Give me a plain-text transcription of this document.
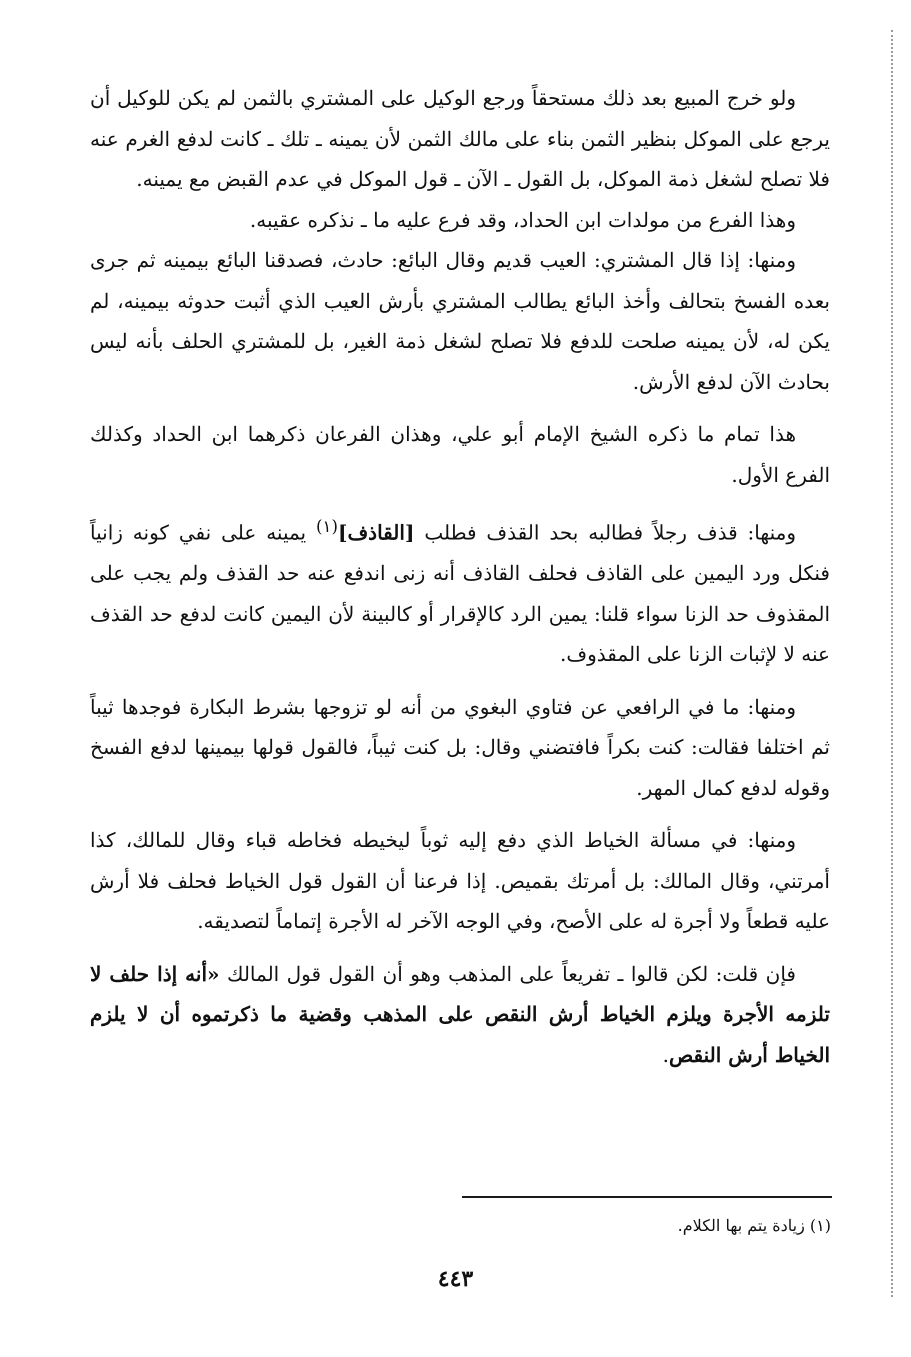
ولو خرج المبيع بعد ذلك مستحقاً ورجع الوكيل على المشتري بالثمن لم يكن للوكيل أن يرجع على الموكل بنظير الثمن بناء على مالك الثمن لأن يمينه ـ تلك ـ كانت لدفع الغرم عنه فلا تصلح لشغل ذمة الموكل، بل القول ـ الآن ـ قول الموكل في عدم القبض مع يمينه.

وهذا الفرع من مولدات ابن الحداد، وقد فرع عليه ما ـ نذكره عقيبه.

ومنها: إذا قال المشتري: العيب قديم وقال البائع: حادث، فصدقنا البائع بيمينه ثم جرى بعده الفسخ بتحالف وأخذ البائع يطالب المشتري بأرش العيب الذي أثبت حدوثه بيمينه، لم يكن له، لأن يمينه صلحت للدفع فلا تصلح لشغل ذمة الغير، بل للمشتري الحلف بأنه ليس بحادث الآن لدفع الأرش.

هذا تمام ما ذكره الشيخ الإمام أبو علي، وهذان الفرعان ذكرهما ابن الحداد وكذلك الفرع الأول.

ومنها: قذف رجلاً فطالبه بحد القذف فطلب [القاذف]$^{(١)}$ يمينه على نفي كونه زانياً فنكل ورد اليمين على القاذف فحلف القاذف أنه زنى اندفع عنه حد القذف ولم يجب على المقذوف حد الزنا سواء قلنا: يمين الرد كالإقرار أو كالبينة لأن اليمين كانت لدفع حد القذف عنه لا لإثبات الزنا على المقذوف.

ومنها: ما في الرافعي عن فتاوي البغوي من أنه لو تزوجها بشرط البكارة فوجدها ثيباً ثم اختلفا فقالت: كنت بكراً فافتضني وقال: بل كنت ثيباً، فالقول قولها بيمينها لدفع الفسخ وقوله لدفع كمال المهر.

ومنها: في مسألة الخياط الذي دفع إليه ثوباً ليخيطه فخاطه قباء وقال للمالك، كذا أمرتني، وقال المالك: بل أمرتك بقميص. إذا فرعنا أن القول قول الخياط فحلف فلا أرش عليه قطعاً ولا أجرة له على الأصح، وفي الوجه الآخر له الأجرة إتماماً لتصديقه.

فإن قلت: لكن قالوا ـ تفريعاً على المذهب وهو أن القول قول المالك «أنه إذا حلف لا تلزمه الأجرة ويلزم الخياط أرش النقص على المذهب وقضية ما ذكرتموه أن لا يلزم الخياط أرش النقص.

(١) زيادة يتم بها الكلام.
٤٤٣
